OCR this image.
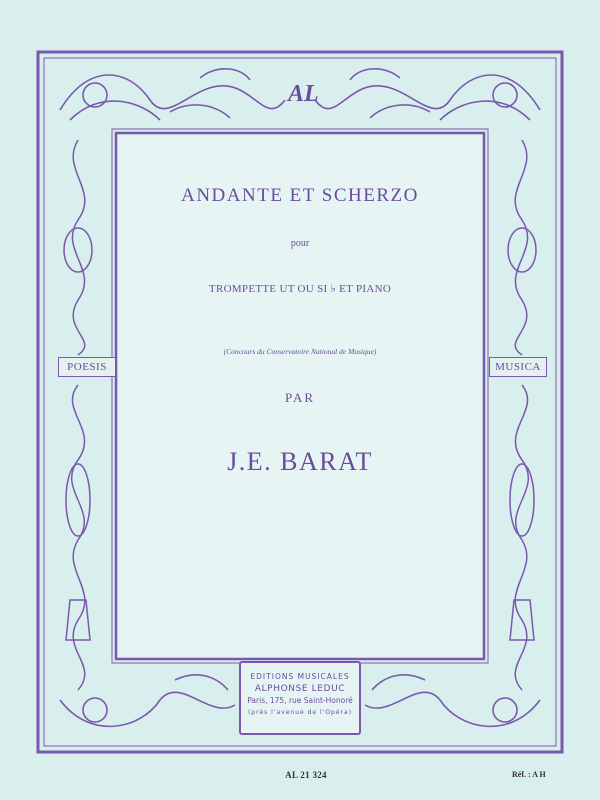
AL
ANDANTE ET SCHERZO
pour
TROMPETTE UT OU SI ♭ ET PIANO
(Concours du Conservatoire National de Musique)
PAR
J.E. BARAT
POESIS	MUSICA
EDITIONS MUSICALES
ALPHONSE LEDUC
Paris, 175, rue Saint-Honoré
(près l'avenue de l'Opéra)
AL 21 324	Réf. : A H
